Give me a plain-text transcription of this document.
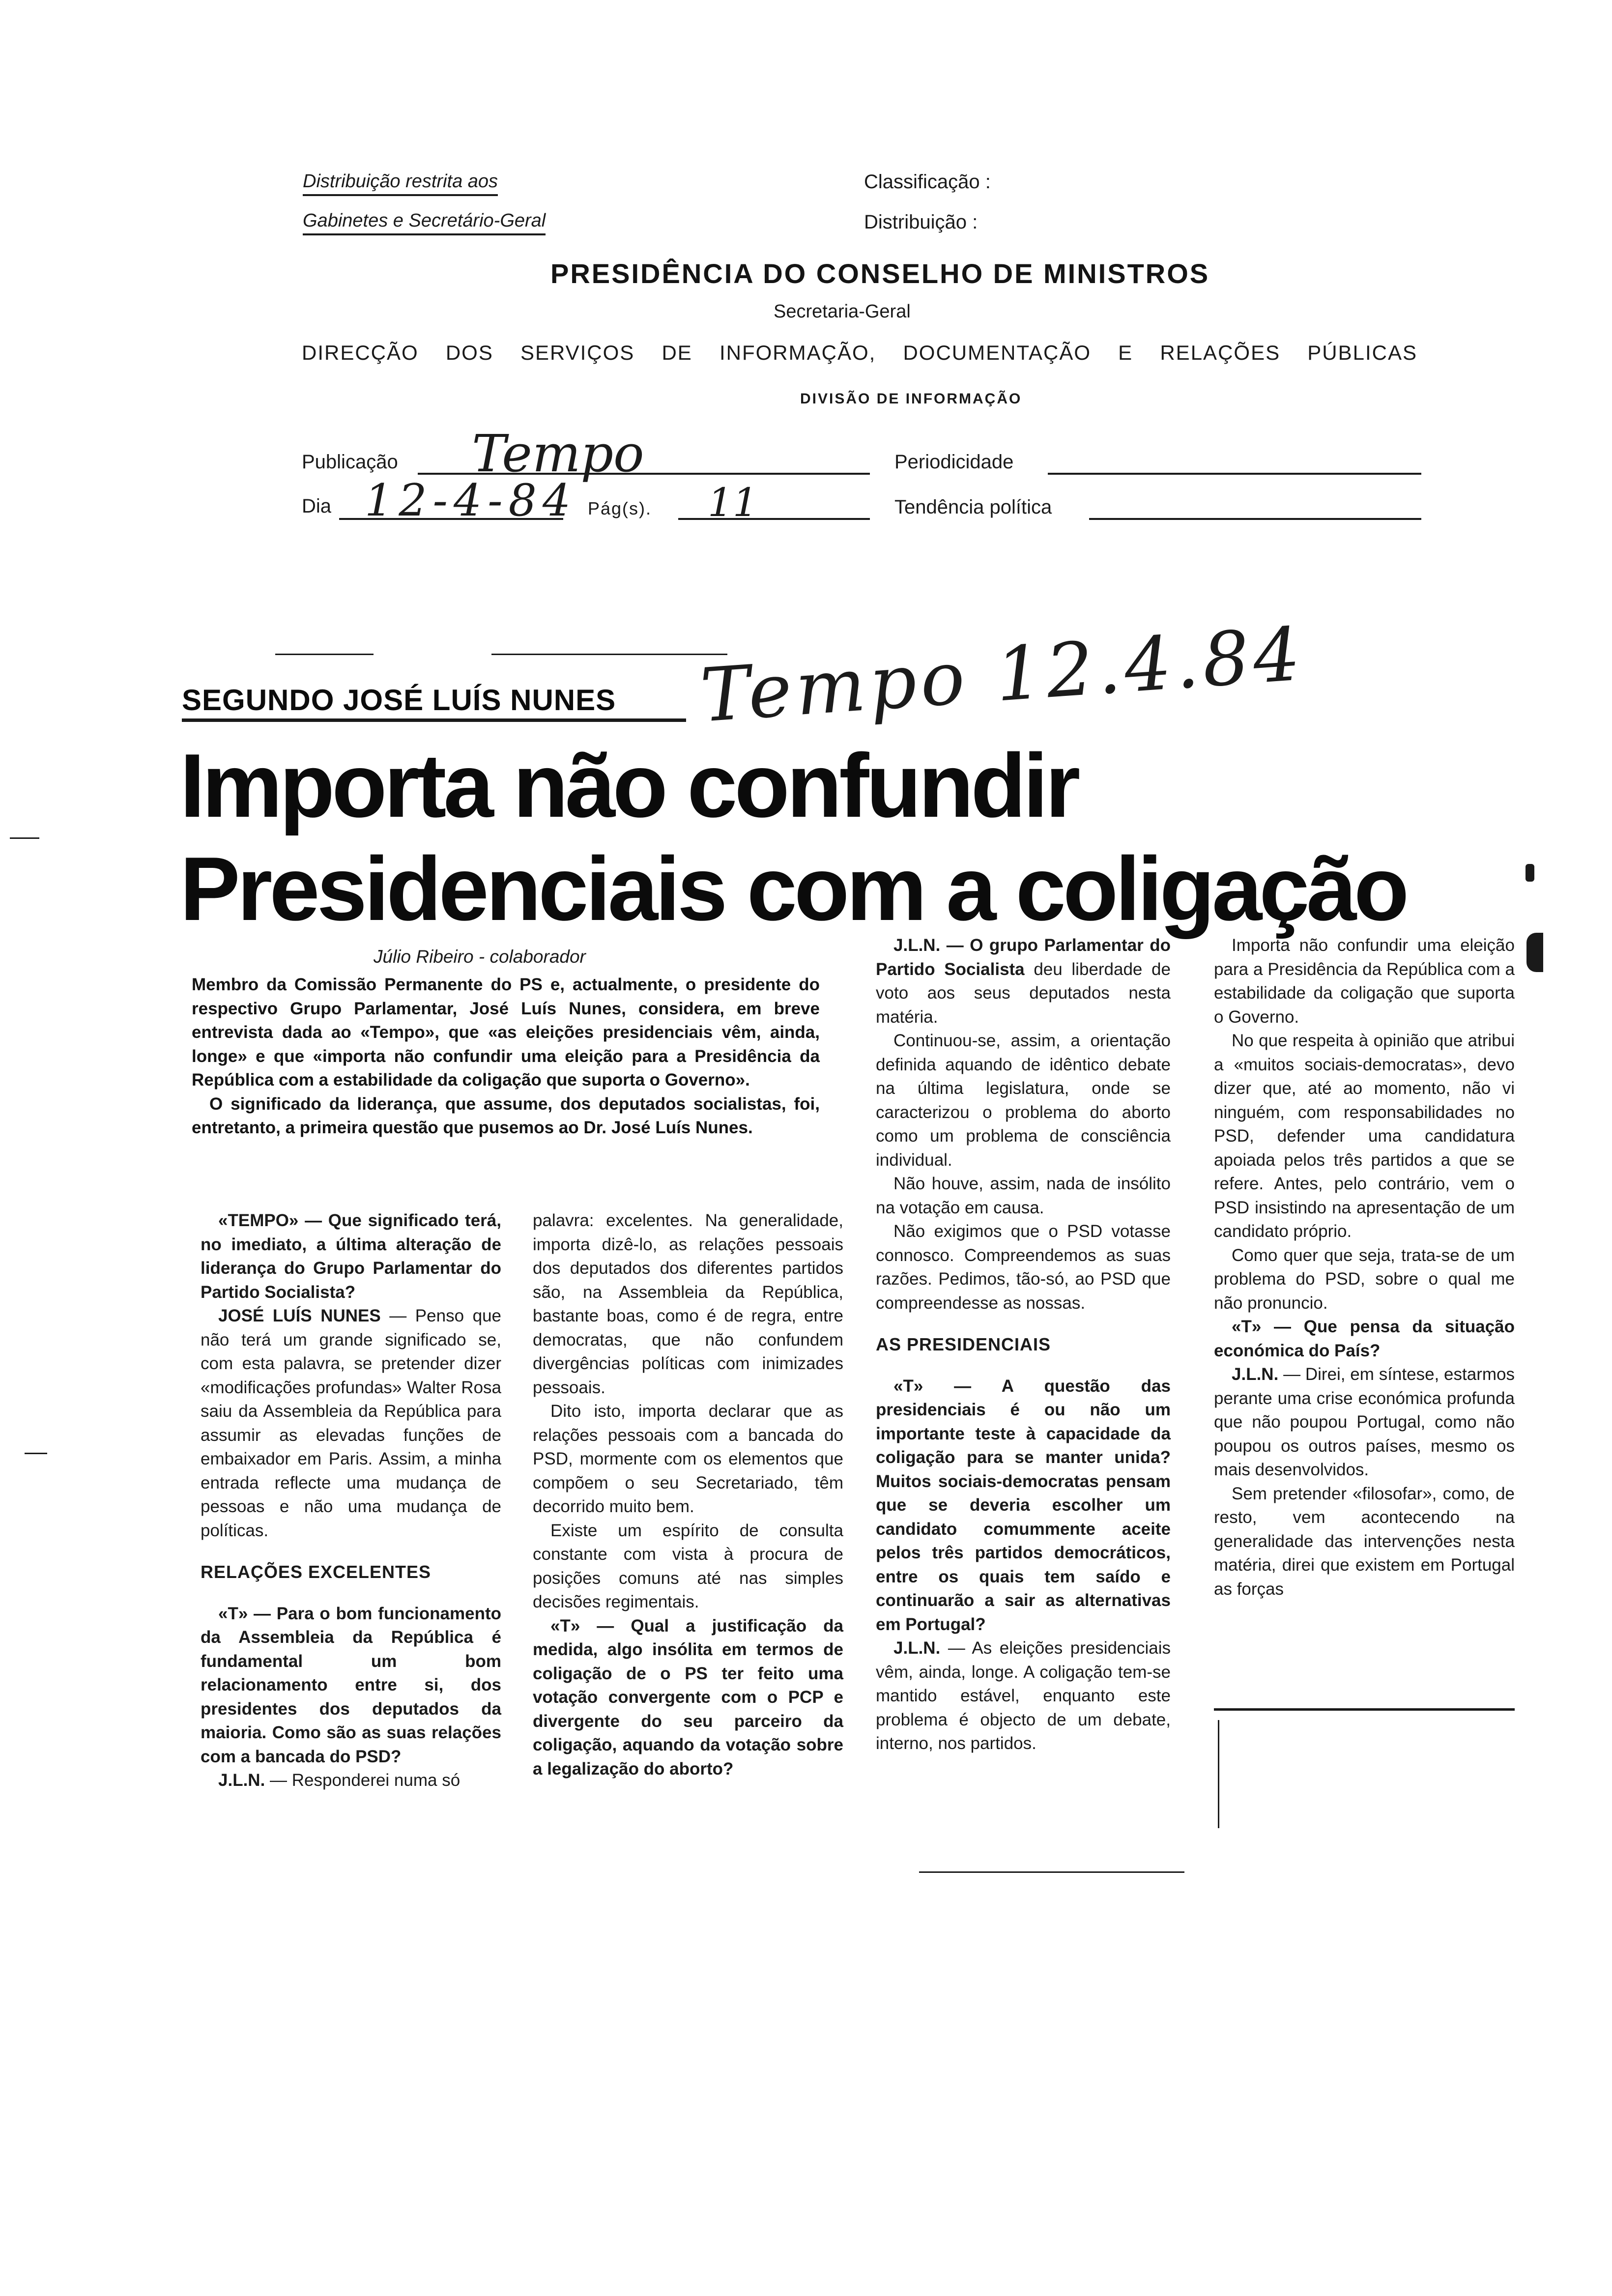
Distribuição restrita aos
Gabinetes e Secretário-Geral
Classificação :
Distribuição :
PRESIDÊNCIA DO CONSELHO DE MINISTROS
Secretaria-Geral
DIRECÇÃO DOS SERVIÇOS DE INFORMAÇÃO, DOCUMENTAÇÃO E RELAÇÕES PÚBLICAS
DIVISÃO DE INFORMAÇÃO
Publicação Tempo	Periodicidade
Dia 12-4-84 Pág(s). 11	Tendência política
SEGUNDO JOSÉ LUÍS NUNES Tempo 12.4.84
Importa não confundir
Presidenciais com a coligação
Júlio Ribeiro - colaborador

Membro da Comissão Permanente do PS e, actualmente, o presidente do respectivo Grupo Parlamentar, José Luís Nunes, considera, em breve entrevista dada ao «Tempo», que «as eleições presidenciais vêm, ainda, longe» e que «importa não confundir uma eleição para a Presidência da República com a estabilidade da coligação que suporta o Governo».

O significado da liderança, que assume, dos deputados socialistas, foi, entretanto, a primeira questão que pusemos ao Dr. José Luís Nunes.

«TEMPO» — Que significado terá, no imediato, a última alteração de liderança do Grupo Parlamentar do Partido Socialista?

JOSÉ LUÍS NUNES — Penso que não terá um grande significado se, com esta palavra, se pretender dizer «modificações profundas» Walter Rosa saiu da Assembleia da República para assumir as elevadas funções de embaixador em Paris. Assim, a minha entrada reflecte uma mudança de pessoas e não uma mudança de políticas.

RELAÇÕES EXCELENTES

«T» — Para o bom funcionamento da Assembleia da República é fundamental um bom relacionamento entre si, dos presidentes dos deputados da maioria. Como são as suas relações com a bancada do PSD?

J.L.N. — Responderei numa só

palavra: excelentes. Na generalidade, importa dizê-lo, as relações pessoais dos deputados dos diferentes partidos são, na Assembleia da República, bastante boas, como é de regra, entre democratas, que não confundem divergências políticas com inimizades pessoais.

Dito isto, importa declarar que as relações pessoais com a bancada do PSD, mormente com os elementos que compõem o seu Secretariado, têm decorrido muito bem.

Existe um espírito de consulta constante com vista à procura de posições comuns até nas simples decisões regimentais.

«T» — Qual a justificação da medida, algo insólita em termos de coligação de o PS ter feito uma votação convergente com o PCP e divergente do seu parceiro da coligação, aquando da votação sobre a legalização do aborto?

J.L.N. — O grupo Parlamentar do Partido Socialista deu liberdade de voto aos seus deputados nesta matéria.

Continuou-se, assim, a orientação definida aquando de idêntico debate na última legislatura, onde se caracterizou o problema do aborto como um problema de consciência individual.

Não houve, assim, nada de insólito na votação em causa.

Não exigimos que o PSD votasse connosco. Compreendemos as suas razões. Pedimos, tão-só, ao PSD que compreendesse as nossas.

AS PRESIDENCIAIS

«T» — A questão das presidenciais é ou não um importante teste à capacidade da coligação para se manter unida? Muitos sociais-democratas pensam que se deveria escolher um candidato comummente aceite pelos três partidos democráticos, entre os quais tem saído e continuarão a sair as alternativas em Portugal?

J.L.N. — As eleições presidenciais vêm, ainda, longe. A coligação tem-se mantido estável, enquanto este problema é objecto de um debate, interno, nos partidos.

Importa não confundir uma eleição para a Presidência da República com a estabilidade da coligação que suporta o Governo.

No que respeita à opinião que atribui a «muitos sociais-democratas», devo dizer que, até ao momento, não vi ninguém, com responsabilidades no PSD, defender uma candidatura apoiada pelos três partidos a que se refere. Antes, pelo contrário, vem o PSD insistindo na apresentação de um candidato próprio.

Como quer que seja, trata-se de um problema do PSD, sobre o qual me não pronuncio.

«T» — Que pensa da situação económica do País?

J.L.N. — Direi, em síntese, estarmos perante uma crise económica profunda que não poupou Portugal, como não poupou os outros países, mesmo os mais desenvolvidos.

Sem pretender «filosofar», como, de resto, vem acontecendo na generalidade das intervenções nesta matéria, direi que existem em Portugal as forças
